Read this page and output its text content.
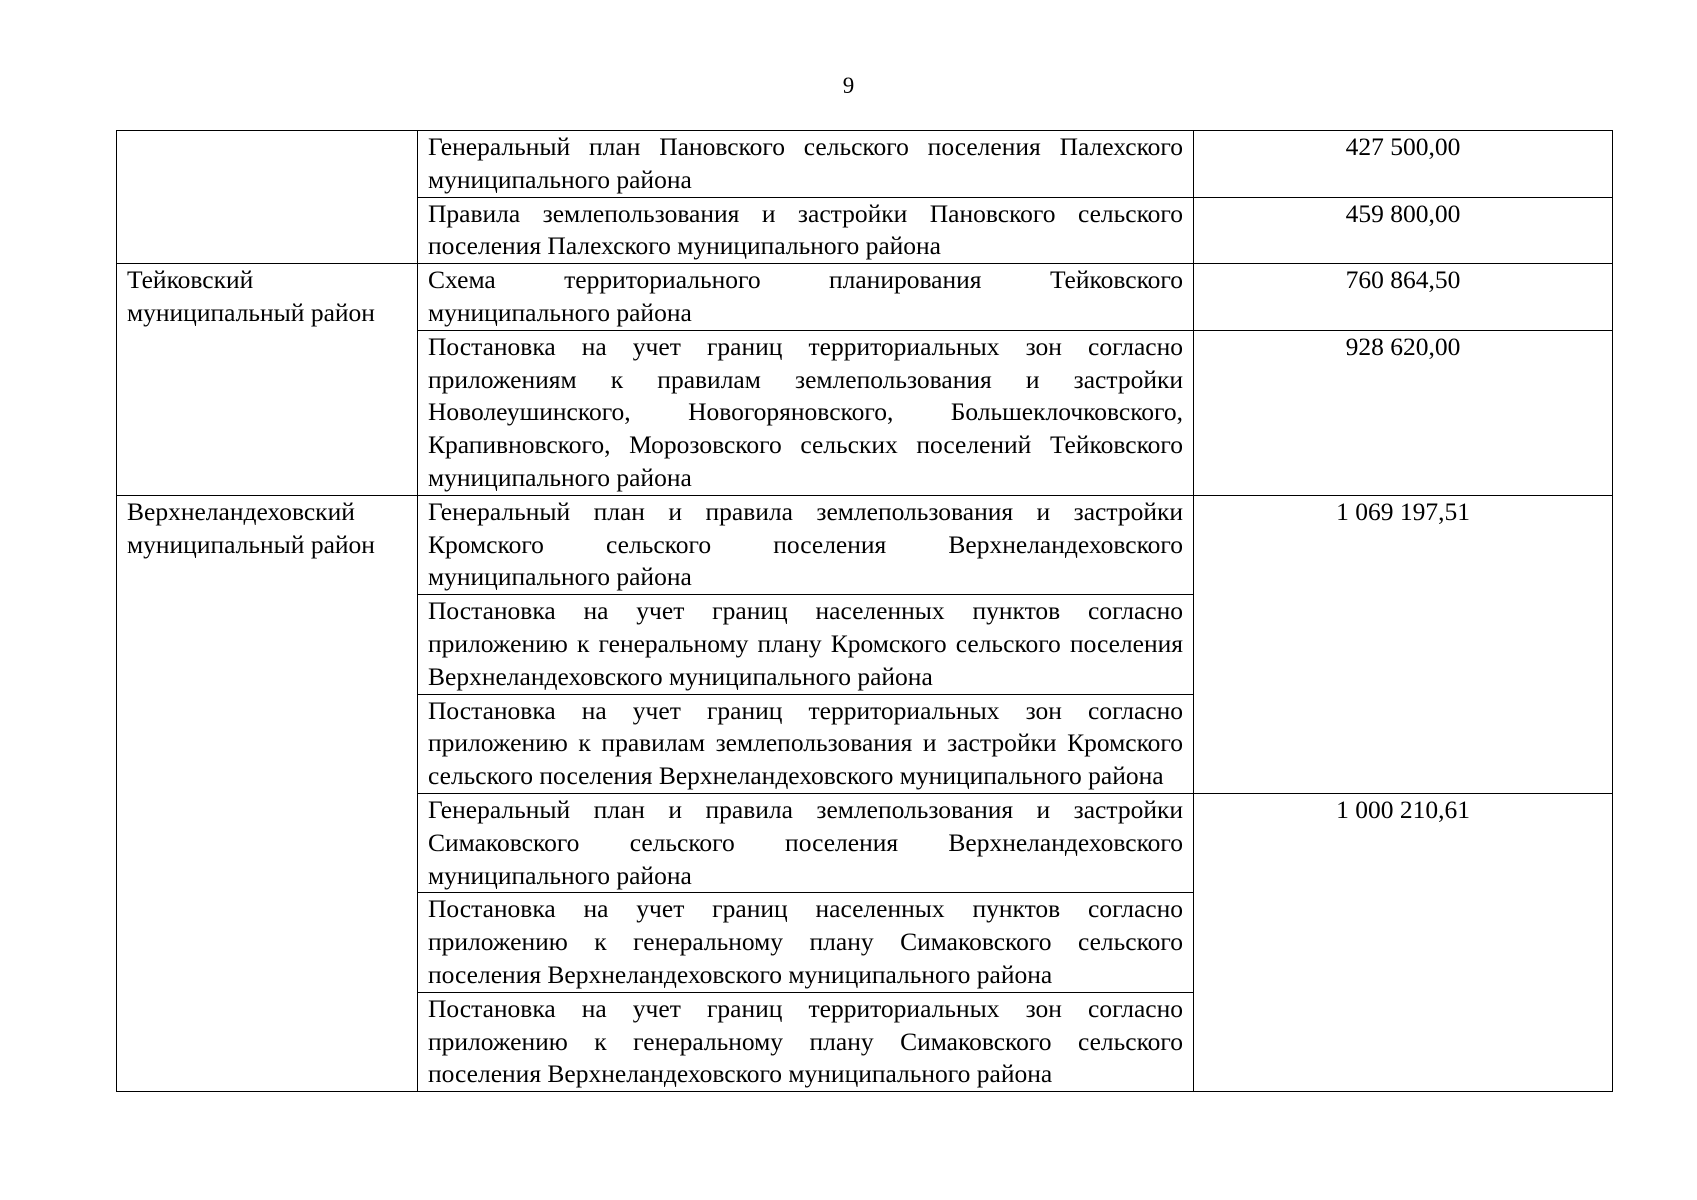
9
	Генеральный план Пановского сельского поселения Палехского муниципального района	427 500,00
	Правила землепользования и застройки Пановского сельского поселения Палехского муниципального района	459 800,00
Тейковский муниципальный район	Схема территориального планирования Тейковского муниципального района	760 864,50
	Постановка на учет границ территориальных зон согласно приложениям к правилам землепользования и застройки Новолеушинского, Новогоряновского, Большеклочковского, Крапивновского, Морозовского сельских поселений Тейковского муниципального района	928 620,00
Верхнеландеховский муниципальный район	Генеральный план и правила землепользования и застройки Кромского сельского поселения Верхнеландеховского муниципального района	1 069 197,51
	Постановка на учет границ населенных пунктов согласно приложению к генеральному плану Кромского сельского поселения Верхнеландеховского муниципального района	
	Постановка на учет границ территориальных зон согласно приложению к правилам землепользования и застройки Кромского сельского поселения Верхнеландеховского муниципального района	
	Генеральный план и правила землепользования и застройки Симаковского сельского поселения Верхнеландеховского муниципального района	1 000 210,61
	Постановка на учет границ населенных пунктов согласно приложению к генеральному плану Симаковского сельского поселения Верхнеландеховского муниципального района	
	Постановка на учет границ территориальных зон согласно приложению к генеральному плану Симаковского сельского поселения Верхнеландеховского муниципального района	
